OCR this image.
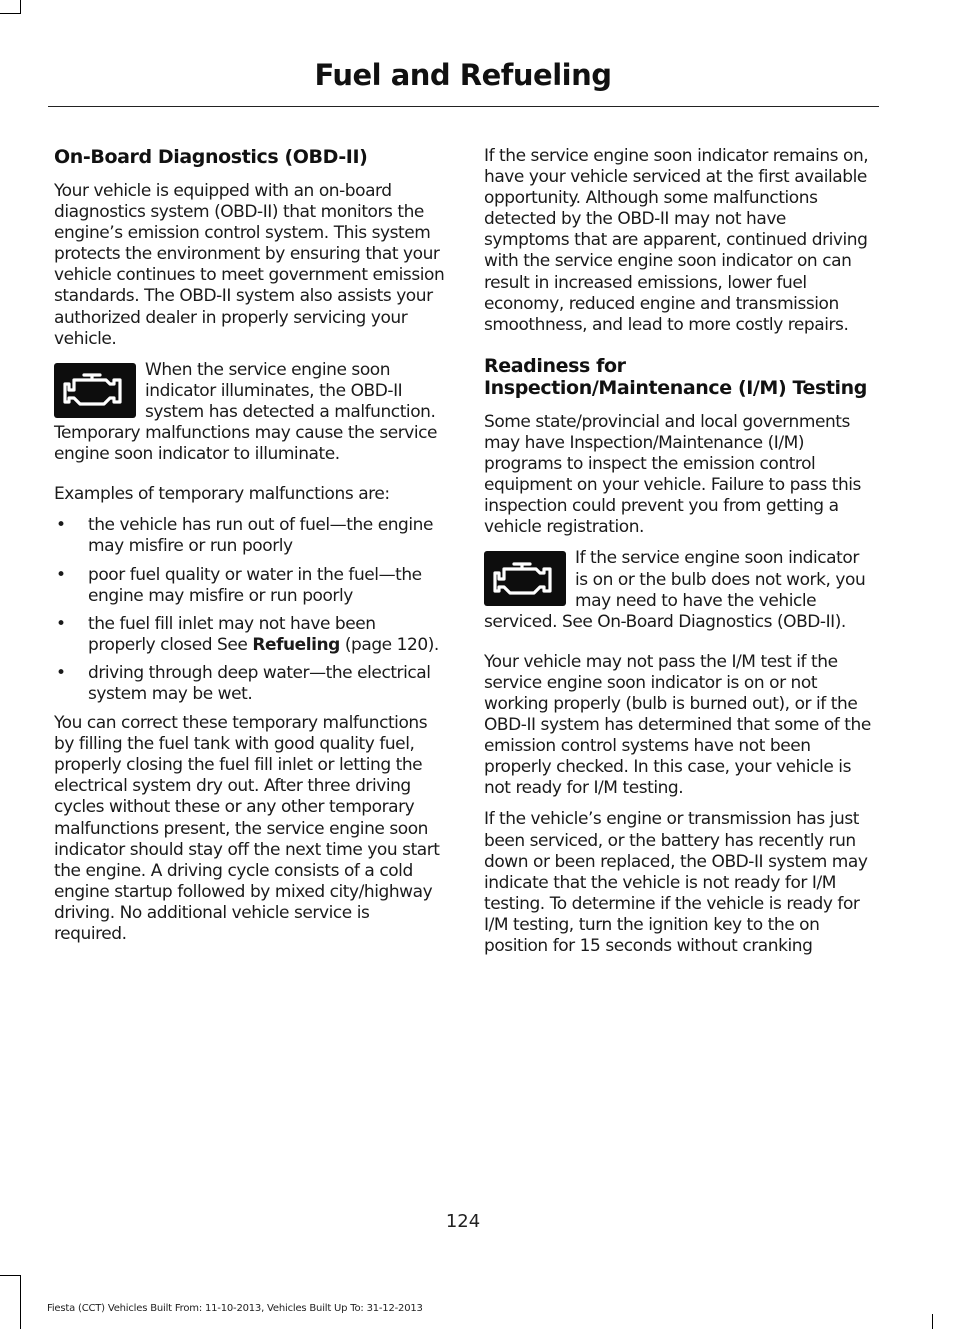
Fuel and Refueling
On-Board Diagnostics (OBD-II)

Your vehicle is equipped with an on-board diagnostics system (OBD-II) that monitors the engine’s emission control system. This system protects the environment by ensuring that your vehicle continues to meet government emission standards. The OBD-II system also assists your authorized dealer in properly servicing your vehicle.

When the service engine soon indicator illuminates, the OBD-II system has detected a malfunction. Temporary malfunctions may cause the service engine soon indicator to illuminate.

Examples of temporary malfunctions are:

• the vehicle has run out of fuel—the engine may misfire or run poorly
• poor fuel quality or water in the fuel—the engine may misfire or run poorly
• the fuel fill inlet may not have been properly closed See Refueling (page 120).
• driving through deep water—the electrical system may be wet.

You can correct these temporary malfunctions by filling the fuel tank with good quality fuel, properly closing the fuel fill inlet or letting the electrical system dry out. After three driving cycles without these or any other temporary malfunctions present, the service engine soon indicator should stay off the next time you start the engine. A driving cycle consists of a cold engine startup followed by mixed city/highway driving. No additional vehicle service is required.

If the service engine soon indicator remains on, have your vehicle serviced at the first available opportunity. Although some malfunctions detected by the OBD-II may not have symptoms that are apparent, continued driving with the service engine soon indicator on can result in increased emissions, lower fuel economy, reduced engine and transmission smoothness, and lead to more costly repairs.

Readiness for Inspection/Maintenance (I/M) Testing

Some state/provincial and local governments may have Inspection/Maintenance (I/M) programs to inspect the emission control equipment on your vehicle. Failure to pass this inspection could prevent you from getting a vehicle registration.

If the service engine soon indicator is on or the bulb does not work, you may need to have the vehicle serviced. See On-Board Diagnostics (OBD-II).

Your vehicle may not pass the I/M test if the service engine soon indicator is on or not working properly (bulb is burned out), or if the OBD-II system has determined that some of the emission control systems have not been properly checked. In this case, your vehicle is not ready for I/M testing.

If the vehicle’s engine or transmission has just been serviced, or the battery has recently run down or been replaced, the OBD-II system may indicate that the vehicle is not ready for I/M testing. To determine if the vehicle is ready for I/M testing, turn the ignition key to the on position for 15 seconds without cranking

124
Fiesta (CCT) Vehicles Built From: 11-10-2013, Vehicles Built Up To: 31-12-2013
